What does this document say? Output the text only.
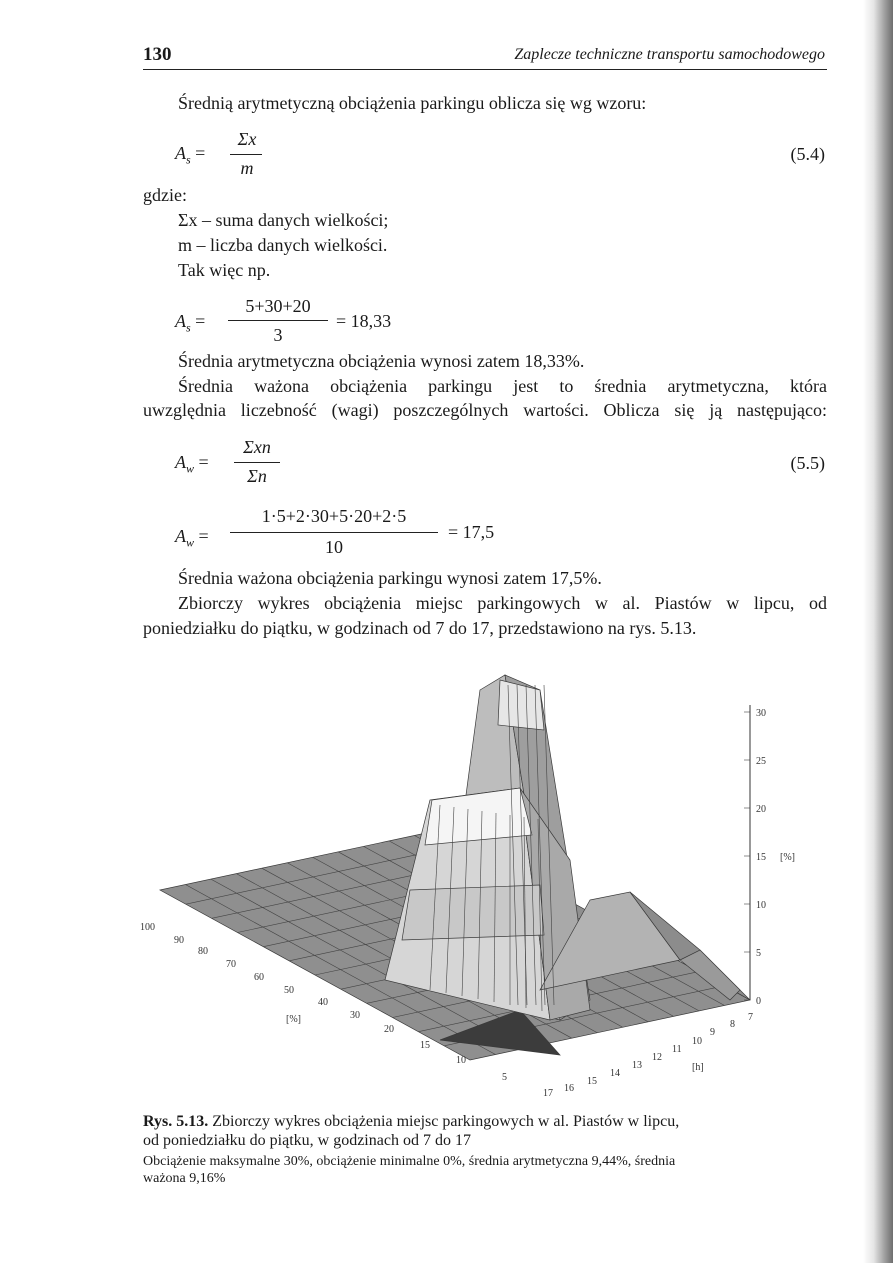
130	Zaplecze techniczne transportu samochodowego
Średnią arytmetyczną obciążenia parkingu oblicza się wg wzoru:
$A_s$ =
Σx
m
(5.4)
gdzie:
Σx – suma danych wielkości;
m – liczba danych wielkości.
Tak więc np.
$A_s$ =
5+30+20
3
= 18,33
Średnia arytmetyczna obciążenia wynosi zatem 18,33%.
Średnia ważona obciążenia parkingu jest to średnia arytmetyczna, która
uwzględnia liczebność (wagi) poszczególnych wartości. Oblicza się ją następująco:
$A_w$ =
Σxn
Σn
(5.5)
$A_w$ =
1·5+2·30+5·20+2·5
10
= 17,5
Średnia ważona obciążenia parkingu wynosi zatem 17,5%.
Zbiorczy wykres obciążenia miejsc parkingowych w al. Piastów w lipcu, od
poniedziałku do piątku, w godzinach od 7 do 17, przedstawiono na rys. 5.13.
0
5
10
15
20
25
30
[%]
100
90
80
70
60
50
40
30
20
15
10
5
[%]
17 16
15
14
13
12
11
10
9
8
7
[h]
Rys. 5.13. Zbiorczy wykres obciążenia miejsc parkingowych w al. Piastów w lipcu,
od poniedziałku do piątku, w godzinach od 7 do 17
Obciążenie maksymalne 30%, obciążenie minimalne 0%, średnia arytmetyczna 9,44%, średnia
ważona 9,16%
